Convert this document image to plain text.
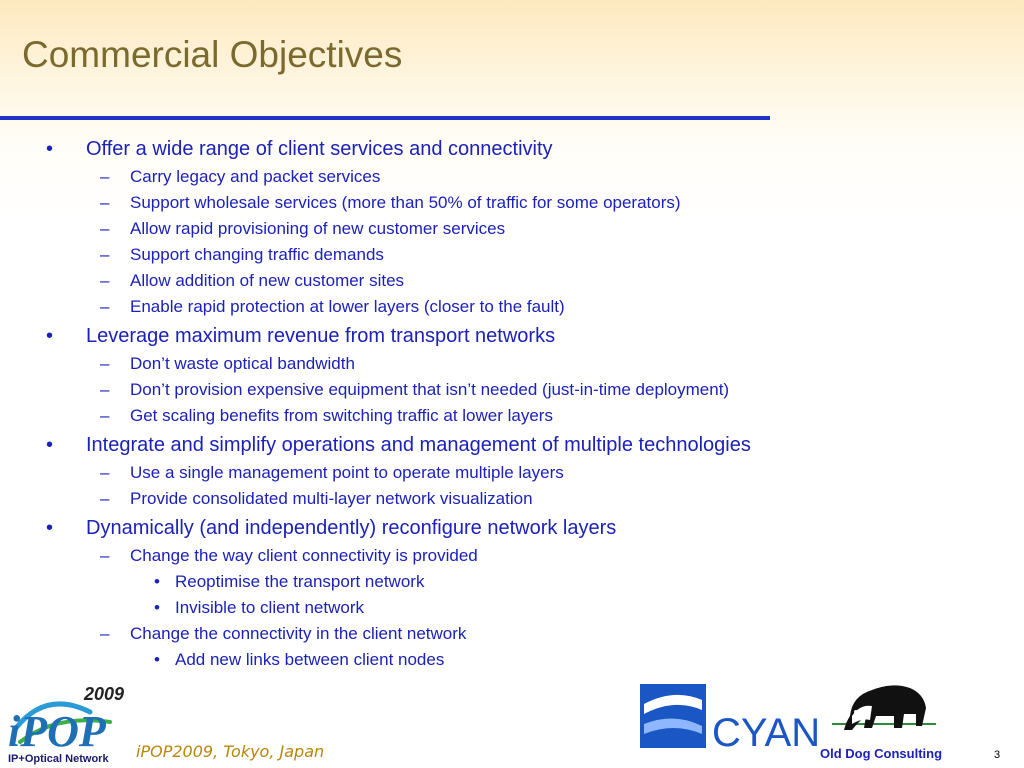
Commercial Objectives
• Offer a wide range of client services and connectivity
– Carry legacy and packet services
– Support wholesale services (more than 50% of traffic for some operators)
– Allow rapid provisioning of new customer services
– Support changing traffic demands
– Allow addition of new customer sites
– Enable rapid protection at lower layers (closer to the fault)
• Leverage maximum revenue from transport networks
– Don’t waste optical bandwidth
– Don’t provision expensive equipment that isn’t needed (just-in-time deployment)
– Get scaling benefits from switching traffic at lower layers
• Integrate and simplify operations and management of multiple technologies
– Use a single management point to operate multiple layers
– Provide consolidated multi-layer network visualization
• Dynamically (and independently) reconfigure network layers
– Change the way client connectivity is provided
• Reoptimise the transport network
• Invisible to client network
– Change the connectivity in the client network
• Add new links between client nodes
2009
iPOP
IP+Optical Network iPOP2009, Tokyo, Japan	CYAN Old Dog Consulting	3
